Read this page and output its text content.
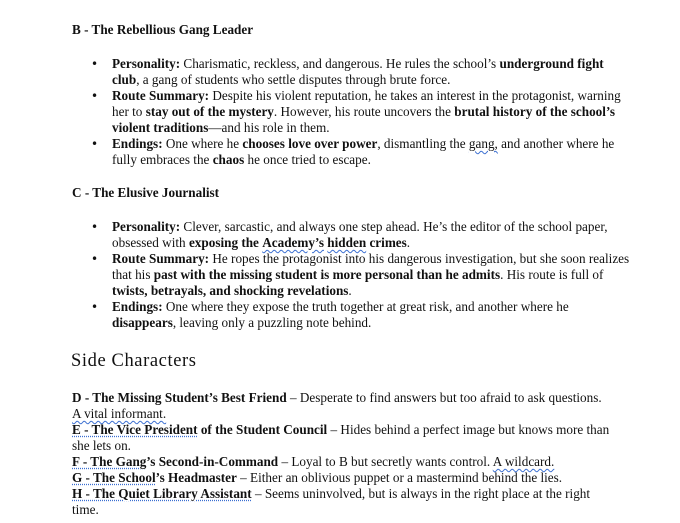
B - The Rebellious Gang Leader
• Personality: Charismatic, reckless, and dangerous. He rules the school’s underground fight club, a gang of students who settle disputes through brute force.
• Route Summary: Despite his violent reputation, he takes an interest in the protagonist, warning her to stay out of the mystery. However, his route uncovers the brutal history of the school’s violent traditions—and his role in them.
• Endings: One where he chooses love over power, dismantling the gang, and another where he fully embraces the chaos he once tried to escape.
C - The Elusive Journalist
• Personality: Clever, sarcastic, and always one step ahead. He’s the editor of the school paper, obsessed with exposing the Academy’s hidden crimes.
• Route Summary: He ropes the protagonist into his dangerous investigation, but she soon realizes that his past with the missing student is more personal than he admits. His route is full of twists, betrayals, and shocking revelations.
• Endings: One where they expose the truth together at great risk, and another where he disappears, leaving only a puzzling note behind.
Side Characters

D - The Missing Student’s Best Friend – Desperate to find answers but too afraid to ask questions. A vital informant.

E - The Vice President of the Student Council – Hides behind a perfect image but knows more than she lets on.

F - The Gang’s Second-in-Command – Loyal to B but secretly wants control. A wildcard.

G - The School’s Headmaster – Either an oblivious puppet or a mastermind behind the lies.

H - The Quiet Library Assistant – Seems uninvolved, but is always in the right place at the right time.
